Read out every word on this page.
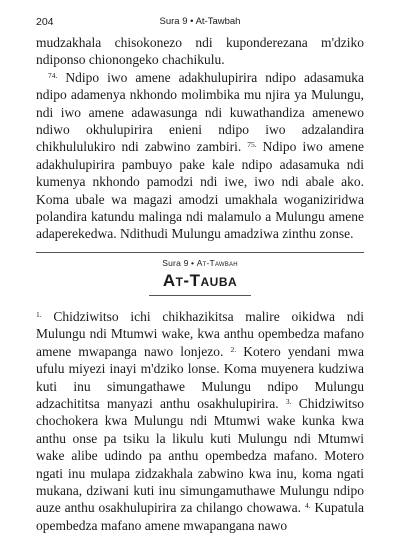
204	Sura 9 • At-Tawbah

mudzakhala chisokonezo ndi kuponderezana m'dziko ndiponso chionongeko chachikulu.

$^{74.}$ Ndipo iwo amene adakhulupirira ndipo adasamuka ndipo adamenya nkhondo molimbika mu njira ya Mulungu, ndi iwo amene adawasunga ndi kuwathandiza amenewo ndiwo okhulupirira enieni ndipo iwo adzalandira chikhululukiro ndi zabwino zambiri. $^{75.}$ Ndipo iwo amene adakhulupirira pambuyo pake kale ndipo adasamuka ndi kumenya nkhondo pamodzi ndi iwe, iwo ndi abale ako. Koma ubale wa magazi amodzi umakhala woganiziridwa polandira katundu malinga ndi malamulo a Mulungu amene adaperekedwa. Ndithudi Mulungu amadziwa zinthu zonse.

Sura 9 • At-Tawbah
At-Tauba

$^{1.}$ Chidziwitso ichi chikhazikitsa malire oikidwa ndi Mulungu ndi Mtumwi wake, kwa anthu opembedza mafano amene mwapanga nawo lonjezo. $^{2.}$ Kotero yendani mwa ufulu miyezi inayi m'dziko lonse. Koma muyenera kudziwa kuti inu simungathawe Mulungu ndipo Mulungu adzachititsa manyazi anthu osakhulupirira. $^{3.}$ Chidziwitso chochokera kwa Mulungu ndi Mtumwi wake kunka kwa anthu onse pa tsiku la likulu kuti Mulungu ndi Mtumwi wake alibe udindo pa anthu opembedza mafano. Motero ngati inu mulapa zidzakhala zabwino kwa inu, koma ngati mukana, dziwani kuti inu simungamuthawe Mulungu ndipo auze anthu osakhulupirira za chilango chowawa. $^{4.}$ Kupatula opembedza mafano amene mwapangana nawo
